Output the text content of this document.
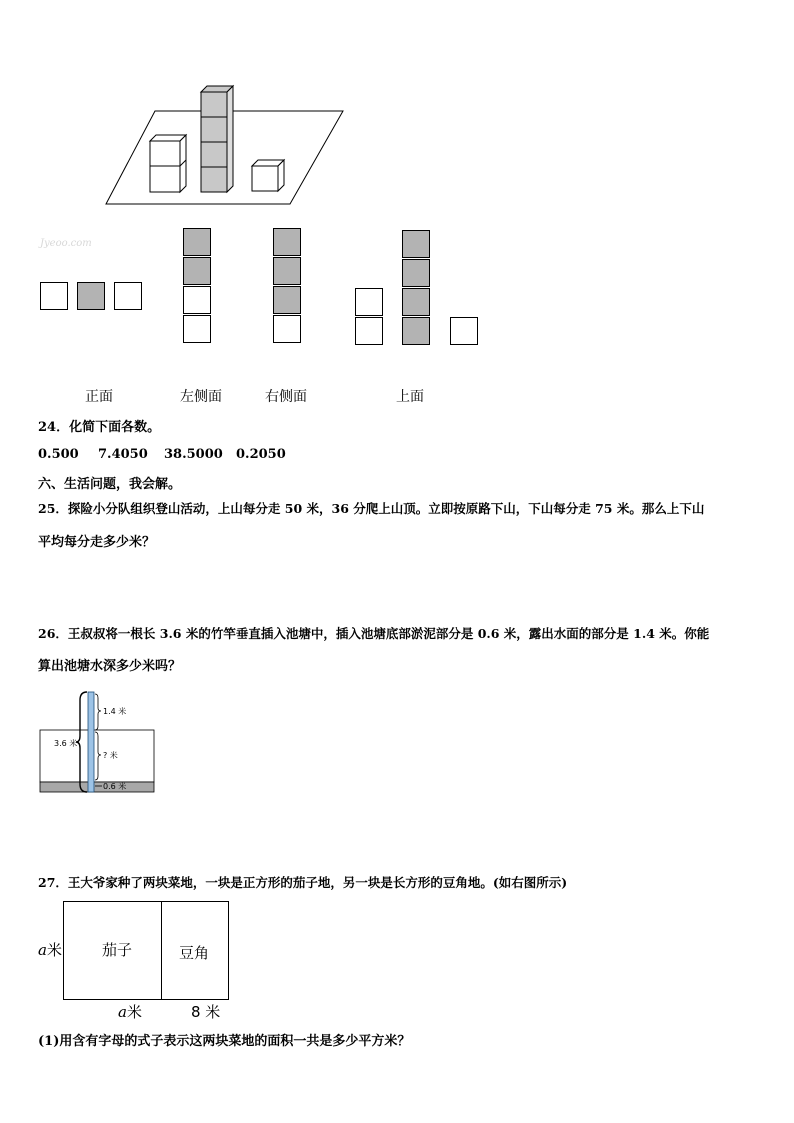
Jyeoo.com
正面	左侧面	右侧面	上面
24．化简下面各数。
0.500 7.4050 38.5000 0.2050
六、生活问题，我会解。
25．探险小分队组织登山活动，上山每分走 50 米，36 分爬上山顶。立即按原路下山，下山每分走 75 米。那么上下山
平均每分走多少米？
26．王叔叔将一根长 3.6 米的竹竿垂直插入池塘中，插入池塘底部淤泥部分是 0.6 米，露出水面的部分是 1.4 米。你能
算出池塘水深多少米吗？
1.4 米
3.6 米
? 米
0.6 米
27．王大爷家种了两块菜地，一块是正方形的茄子地，另一块是长方形的豆角地。(如右图所示)
茄子	豆角
a米
a米	8 米
(1)用含有字母的式子表示这两块菜地的面积一共是多少平方米？
